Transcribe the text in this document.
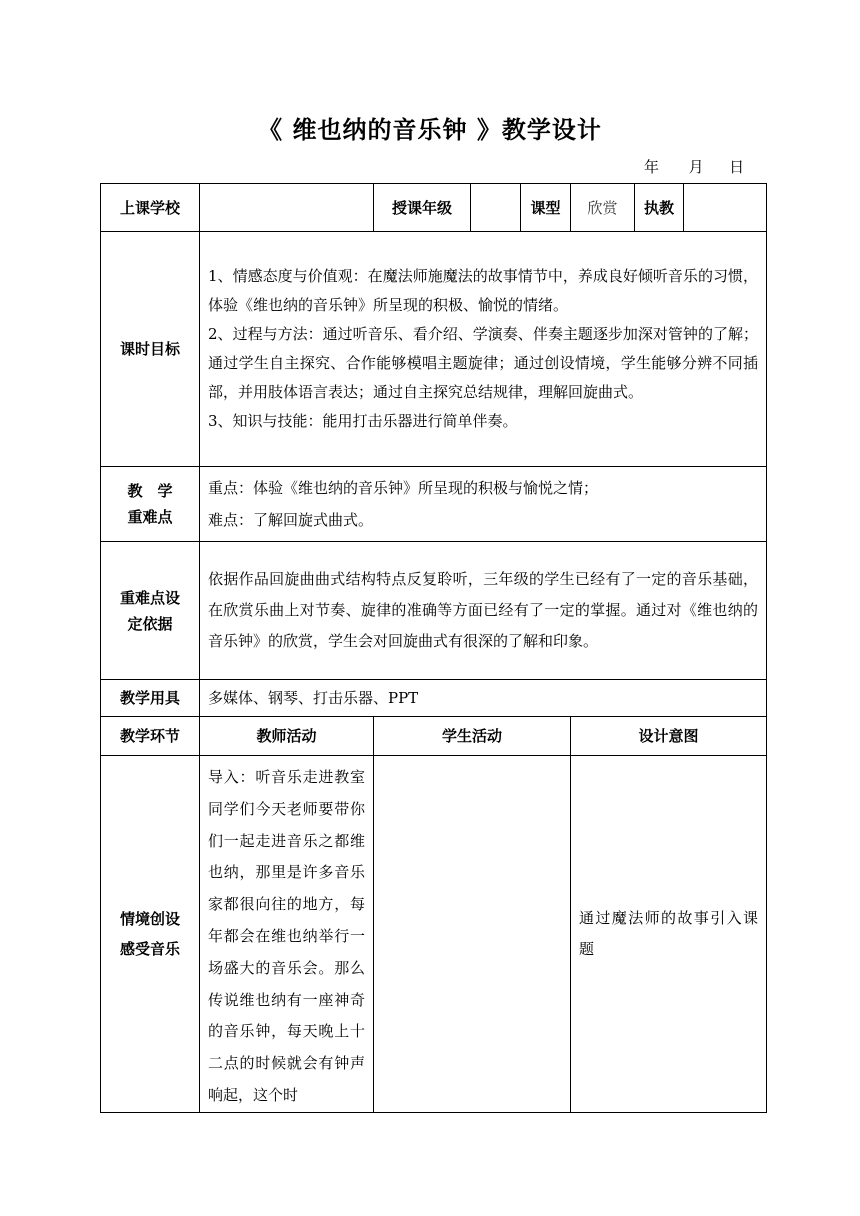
《 维也纳的音乐钟 》教学设计
年 月 日
上课学校		授课年级		课型	欣赏	执教	
课时目标	1、情感态度与价值观：在魔法师施魔法的故事情节中，养成良好倾听音乐的习惯，体验《维也纳的音乐钟》所呈现的积极、愉悦的情绪。
2、过程与方法：通过听音乐、看介绍、学演奏、伴奏主题逐步加深对管钟的了解；通过学生自主探究、合作能够模唱主题旋律；通过创设情境，学生能够分辨不同插部，并用肢体语言表达；通过自主探究总结规律，理解回旋曲式。
3、知识与技能：能用打击乐器进行简单伴奏。						

教　学
重难点	重点：体验《维也纳的音乐钟》所呈现的积极与愉悦之情；
难点：了解回旋式曲式。						

重难点设
定依据	依据作品回旋曲曲式结构特点反复聆听，三年级的学生已经有了一定的音乐基础，在欣赏乐曲上对节奏、旋律的准确等方面已经有了一定的掌握。通过对《维也纳的音乐钟》的欣赏，学生会对回旋曲式有很深的了解和印象。						
教学用具	多媒体、钢琴、打击乐器、PPT						
教学环节	教师活动	学生活动			设计意图		

情境创设
感受音乐	导入：听音乐走进教室同学们今天老师要带你们一起走进音乐之都维也纳，那里是许多音乐家都很向往的地方，每年都会在维也纳举行一场盛大的音乐会。那么传说维也纳有一座神奇的音乐钟，每天晚上十二点的时候就会有钟声响起，这个时				通过魔法师的故事引入课题		
